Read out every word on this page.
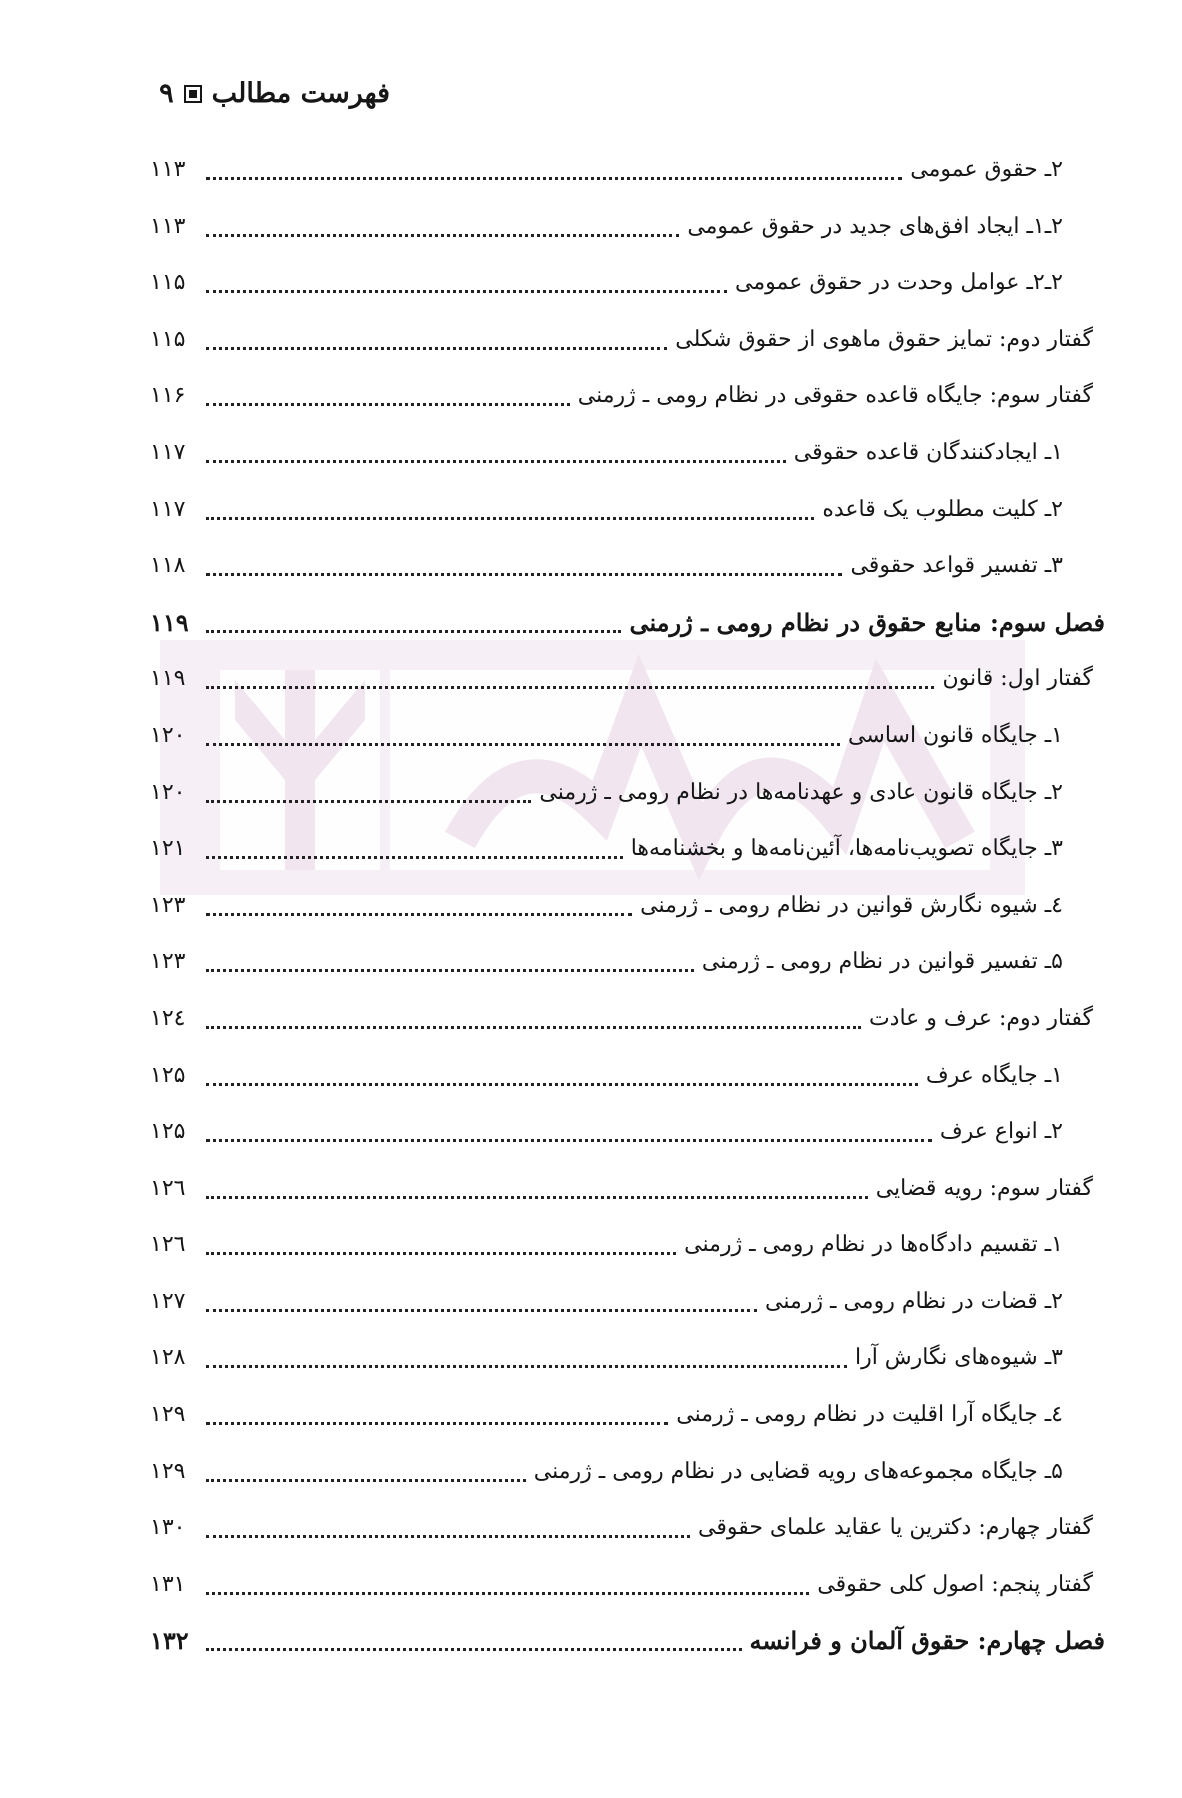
فهرست مطالب
۹
۲ـ حقوق عمومی
۱۱۳
۲ـ۱ـ ایجاد افق‌های جدید در حقوق عمومی
۱۱۳
۲ـ۲ـ عوامل وحدت در حقوق عمومی
۱۱۵
گفتار دوم: تمایز حقوق ماهوی از حقوق شکلی
۱۱۵
گفتار سوم: جایگاه قاعده حقوقی در نظام رومی ـ ژرمنی
۱۱۶
۱ـ ایجادکنندگان قاعده حقوقی
۱۱۷
۲ـ کلیت مطلوب یک قاعده
۱۱۷
۳ـ تفسیر قواعد حقوقی
۱۱۸
فصل سوم: منابع حقوق در نظام رومی ـ ژرمنی
۱۱۹
گفتار اول: قانون
۱۱۹
۱ـ جایگاه قانون اساسی
۱۲۰
۲ـ جایگاه قانون عادی و عهدنامه‌ها در نظام رومی ـ ژرمنی
۱۲۰
۳ـ جایگاه تصویب‌نامه‌ها، آئین‌نامه‌ها و بخشنامه‌ها
۱۲۱
٤ـ شیوه نگارش قوانین در نظام رومی ـ ژرمنی
۱۲۳
۵ـ تفسیر قوانین در نظام رومی ـ ژرمنی
۱۲۳
گفتار دوم: عرف و عادت
۱۲٤
۱ـ جایگاه عرف
۱۲۵
۲ـ انواع عرف
۱۲۵
گفتار سوم: رویه قضایی
۱۲٦
۱ـ تقسیم دادگاه‌ها در نظام رومی ـ ژرمنی
۱۲٦
۲ـ قضات در نظام رومی ـ ژرمنی
۱۲۷
۳ـ شیوه‌های نگارش آرا
۱۲۸
٤ـ جایگاه آرا اقلیت در نظام رومی ـ ژرمنی
۱۲۹
۵ـ جایگاه مجموعه‌های رویه قضایی در نظام رومی ـ ژرمنی
۱۲۹
گفتار چهارم: دکترین یا عقاید علمای حقوقی
۱۳۰
گفتار پنجم: اصول کلی حقوقی
۱۳۱
فصل چهارم: حقوق آلمان و فرانسه
۱۳۲
